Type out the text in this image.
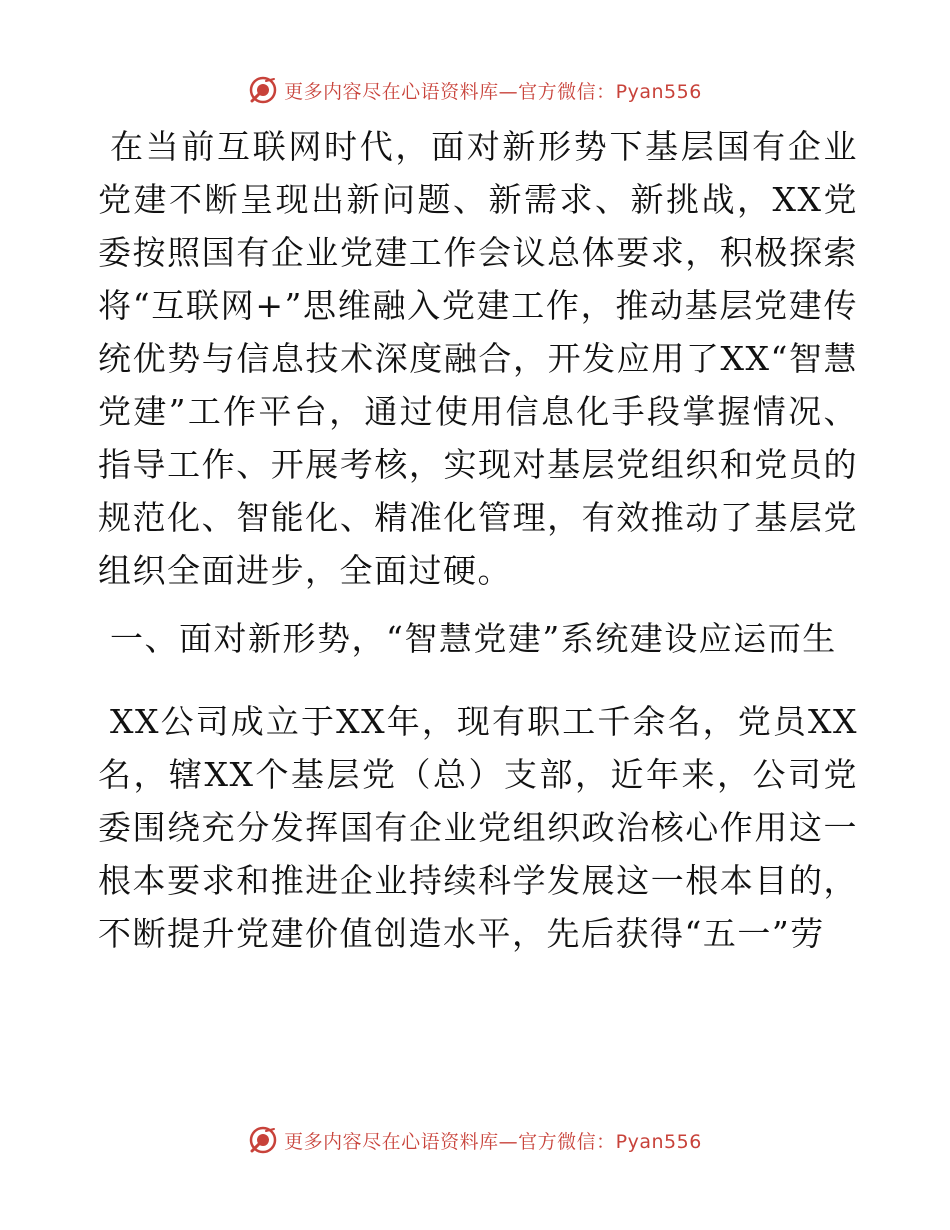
更多内容尽在心语资料库—官方微信：Pyan556

在当前互联网时代，面对新形势下基层国有企业党建不断呈现出新问题、新需求、新挑战，XX党委按照国有企业党建工作会议总体要求，积极探索将“互联网+”思维融入党建工作，推动基层党建传统优势与信息技术深度融合，开发应用了XX“智慧党建”工作平台，通过使用信息化手段掌握情况、指导工作、开展考核，实现对基层党组织和党员的规范化、智能化、精准化管理，有效推动了基层党组织全面进步，全面过硬。

一、面对新形势，“智慧党建”系统建设应运而生

XX公司成立于XX年，现有职工千余名，党员XX名，辖XX个基层党（总）支部，近年来，公司党委围绕充分发挥国有企业党组织政治核心作用这一根本要求和推进企业持续科学发展这一根本目的，不断提升党建价值创造水平，先后获得“五一”劳

更多内容尽在心语资料库—官方微信：Pyan556
